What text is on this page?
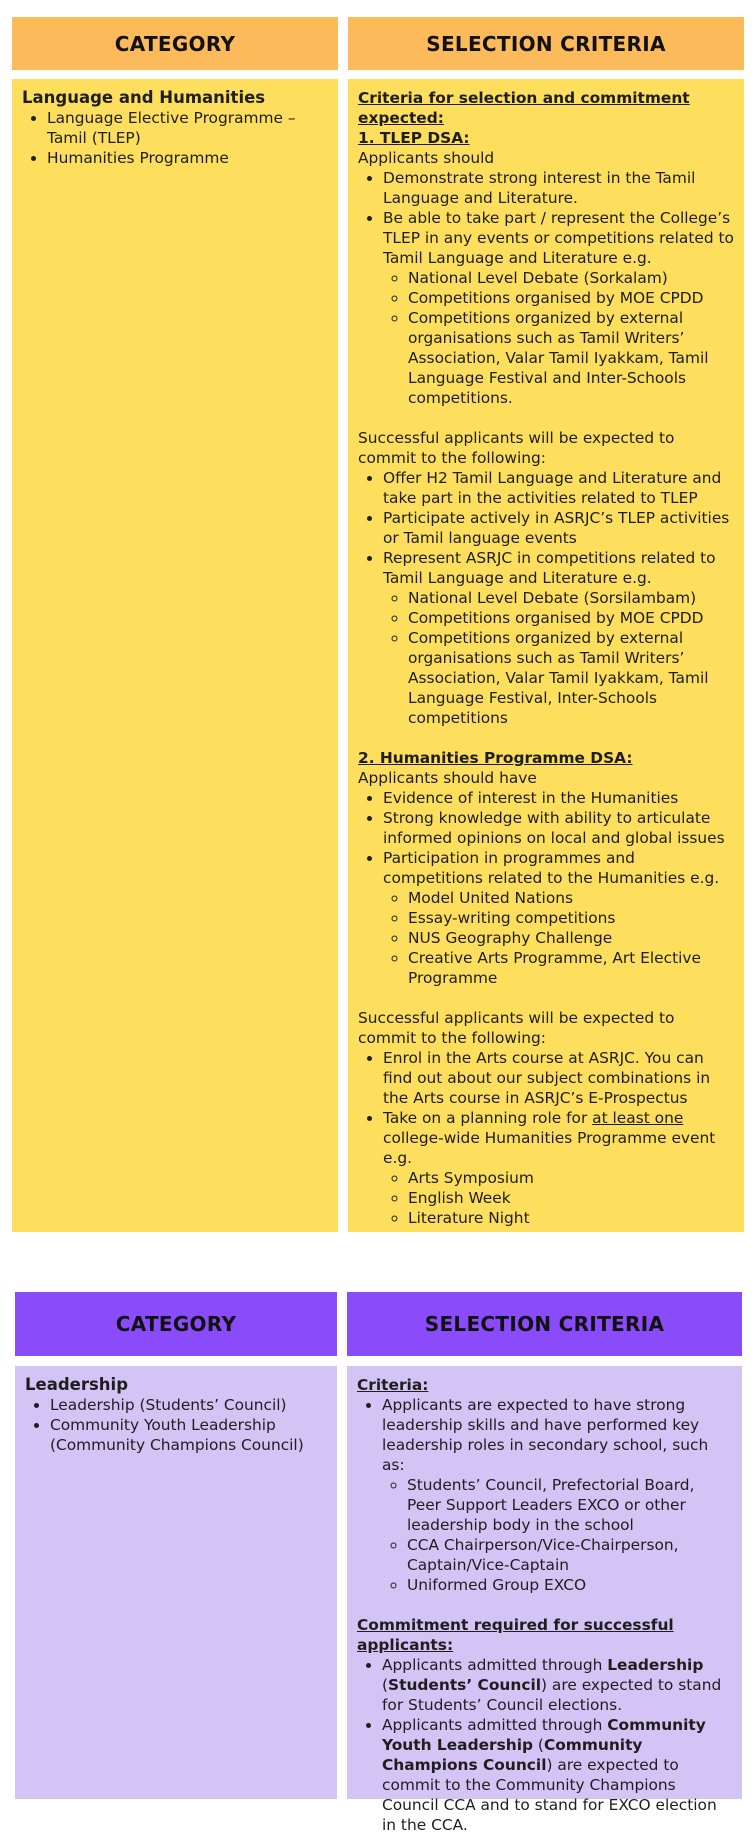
CATEGORY	SELECTION CRITERIA
Language and Humanities
• Language Elective Programme – Tamil (TLEP)
• Humanities Programme
Criteria for selection and commitment expected:
1. TLEP DSA:
Applicants should
• Demonstrate strong interest in the Tamil Language and Literature.
• Be able to take part / represent the College’s TLEP in any events or competitions related to Tamil Language and Literature e.g.
◦ National Level Debate (Sorkalam)
◦ Competitions organised by MOE CPDD
◦ Competitions organized by external organisations such as Tamil Writers’ Association, Valar Tamil Iyakkam, Tamil Language Festival and Inter-Schools competitions.
Successful applicants will be expected to commit to the following:
• Offer H2 Tamil Language and Literature and take part in the activities related to TLEP
• Participate actively in ASRJC’s TLEP activities or Tamil language events
• Represent ASRJC in competitions related to Tamil Language and Literature e.g.
◦ National Level Debate (Sorsilambam)
◦ Competitions organised by MOE CPDD
◦ Competitions organized by external organisations such as Tamil Writers’ Association, Valar Tamil Iyakkam, Tamil Language Festival, Inter-Schools competitions
2. Humanities Programme DSA:
Applicants should have
• Evidence of interest in the Humanities
• Strong knowledge with ability to articulate informed opinions on local and global issues
• Participation in programmes and competitions related to the Humanities e.g.
◦ Model United Nations
◦ Essay-writing competitions
◦ NUS Geography Challenge
◦ Creative Arts Programme, Art Elective Programme
Successful applicants will be expected to commit to the following:
• Enrol in the Arts course at ASRJC. You can find out about our subject combinations in the Arts course in ASRJC’s E-Prospectus
• Take on a planning role for at least one college-wide Humanities Programme event e.g.
◦ Arts Symposium
◦ English Week
◦ Literature Night
CATEGORY	SELECTION CRITERIA
Leadership
• Leadership (Students’ Council)
• Community Youth Leadership (Community Champions Council)
Criteria:
• Applicants are expected to have strong leadership skills and have performed key leadership roles in secondary school, such as:
◦ Students’ Council, Prefectorial Board, Peer Support Leaders EXCO or other leadership body in the school
◦ CCA Chairperson/Vice-Chairperson, Captain/Vice-Captain
◦ Uniformed Group EXCO
Commitment required for successful applicants:
• Applicants admitted through Leadership (Students’ Council) are expected to stand for Students’ Council elections.
• Applicants admitted through Community Youth Leadership (Community Champions Council) are expected to commit to the Community Champions Council CCA and to stand for EXCO election in the CCA.
